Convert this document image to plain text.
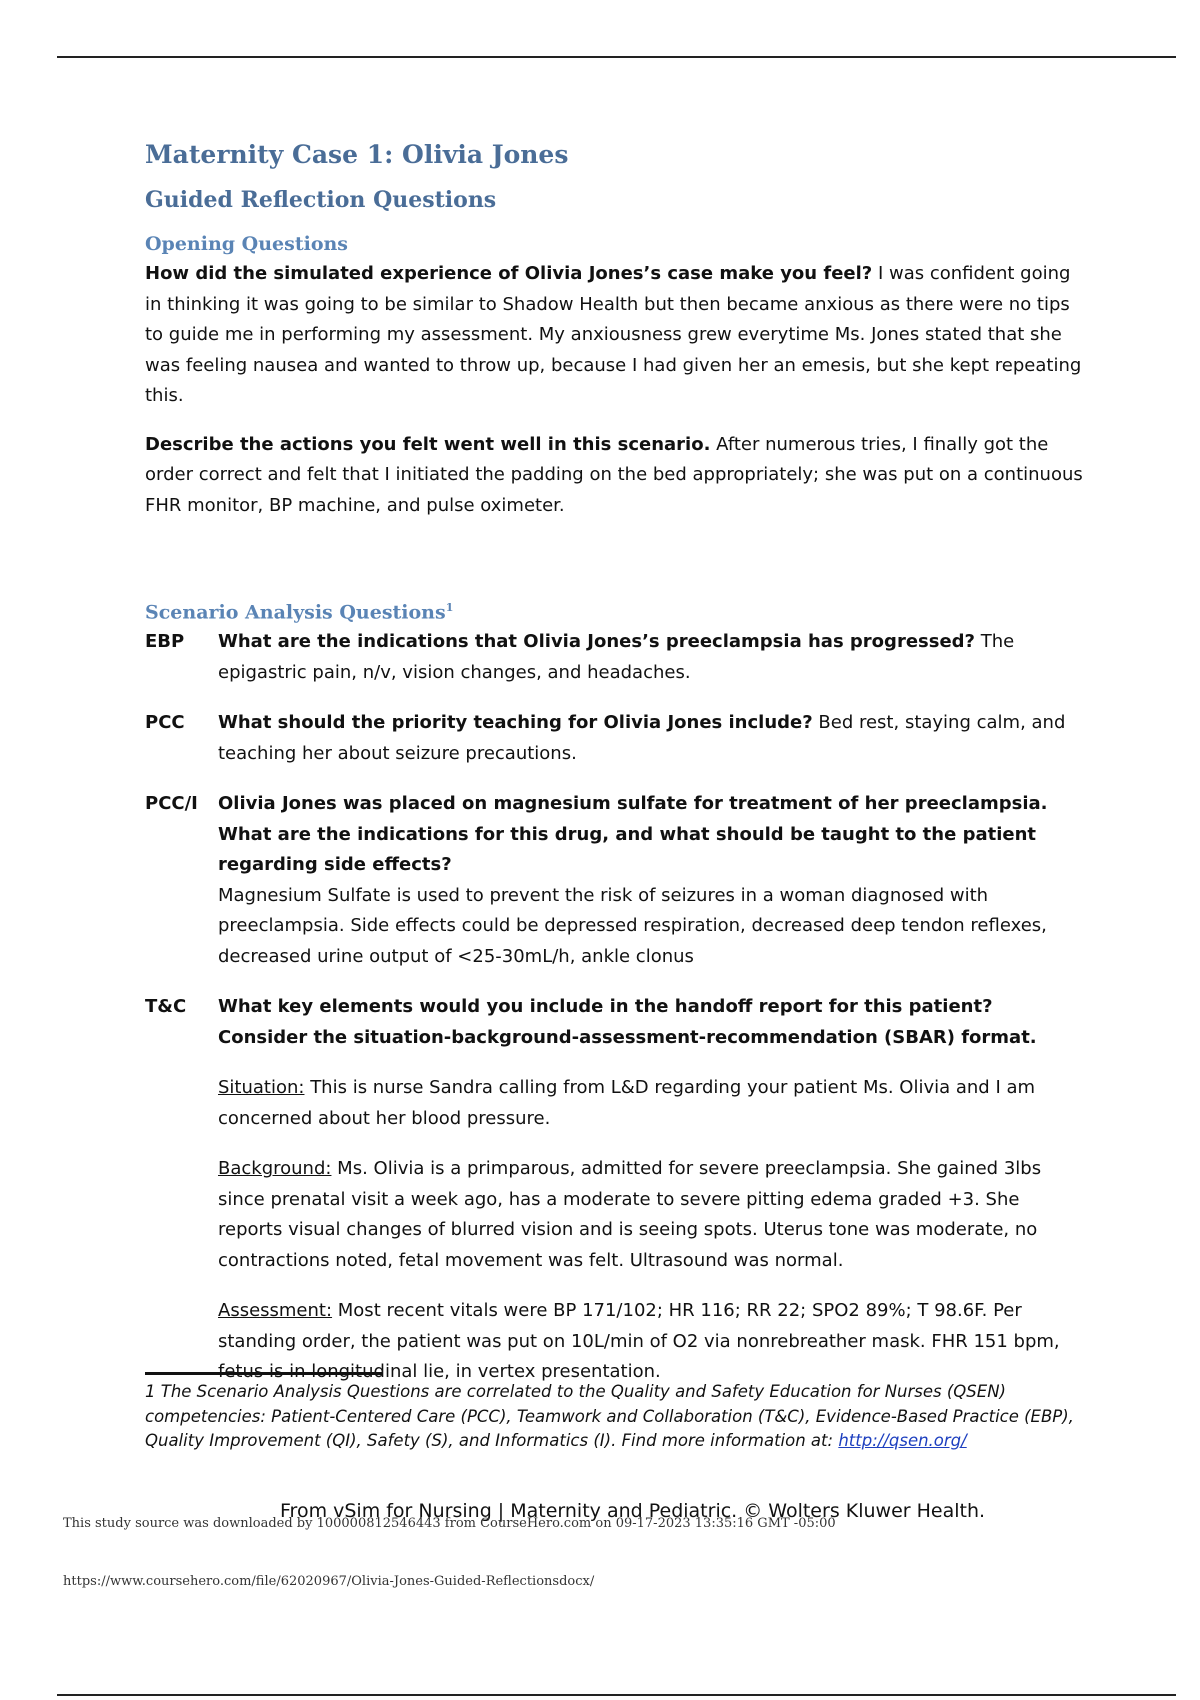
Maternity Case 1: Olivia Jones
Guided Reflection Questions
Opening Questions

How did the simulated experience of Olivia Jones’s case make you feel? I was confident going in thinking it was going to be similar to Shadow Health but then became anxious as there were no tips to guide me in performing my assessment. My anxiousness grew everytime Ms. Jones stated that she was feeling nausea and wanted to throw up, because I had given her an emesis, but she kept repeating this.

Describe the actions you felt went well in this scenario. After numerous tries, I finally got the order correct and felt that I initiated the padding on the bed appropriately; she was put on a continuous FHR monitor, BP machine, and pulse oximeter.

Scenario Analysis Questions$^1$
EBP	What are the indications that Olivia Jones’s preeclampsia has progressed? The epigastric pain, n/v, vision changes, and headaches.

PCC	What should the priority teaching for Olivia Jones include? Bed rest, staying calm, and teaching her about seizure precautions.

PCC/I	Olivia Jones was placed on magnesium sulfate for treatment of her preeclampsia. What are the indications for this drug, and what should be taught to the patient regarding side effects?

Magnesium Sulfate is used to prevent the risk of seizures in a woman diagnosed with preeclampsia. Side effects could be depressed respiration, decreased deep tendon reflexes, decreased urine output of <25-30mL/h, ankle clonus

T&C	What key elements would you include in the handoff report for this patient? Consider the situation-background-assessment-recommendation (SBAR) format.

Situation: This is nurse Sandra calling from L&D regarding your patient Ms. Olivia and I am concerned about her blood pressure.

Background: Ms. Olivia is a primparous, admitted for severe preeclampsia. She gained 3lbs since prenatal visit a week ago, has a moderate to severe pitting edema graded +3. She reports visual changes of blurred vision and is seeing spots. Uterus tone was moderate, no contractions noted, fetal movement was felt. Ultrasound was normal.

Assessment: Most recent vitals were BP 171/102; HR 116; RR 22; SPO2 89%; T 98.6F. Per standing order, the patient was put on 10L/min of O2 via nonrebreather mask. FHR 151 bpm, fetus is in longitudinal lie, in vertex presentation.

1 The Scenario Analysis Questions are correlated to the Quality and Safety Education for Nurses (QSEN) competencies: Patient-Centered Care (PCC), Teamwork and Collaboration (T&C), Evidence-Based Practice (EBP), Quality Improvement (QI), Safety (S), and Informatics (I). Find more information at: http://qsen.org/
From vSim for Nursing | Maternity and Pediatric. © Wolters Kluwer Health.
This study source was downloaded by 100000812546443 from CourseHero.com on 09-17-2023 13:35:16 GMT -05:00
https://www.coursehero.com/file/62020967/Olivia-Jones-Guided-Reflectionsdocx/
